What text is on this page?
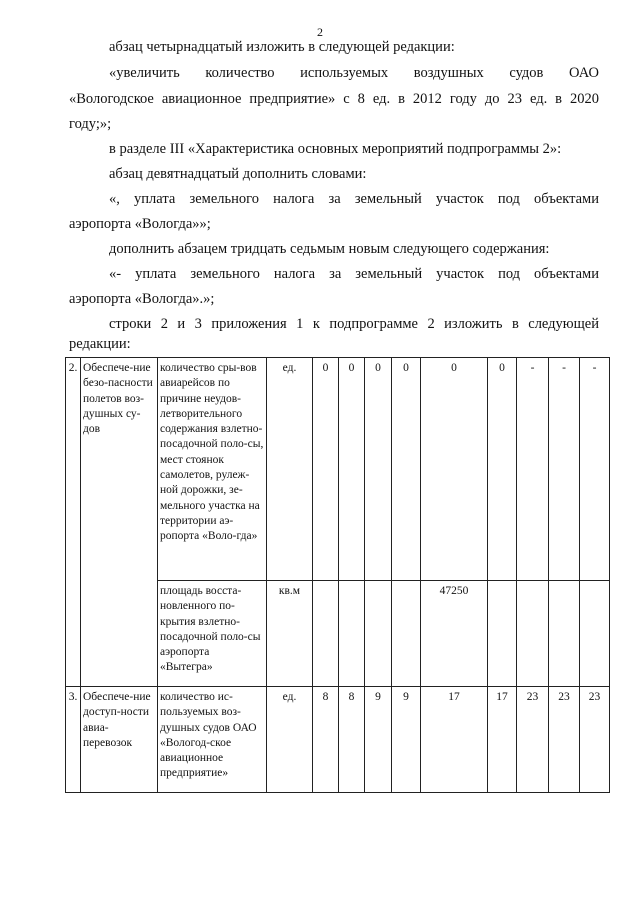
2

абзац четырнадцатый изложить в следующей редакции:

«увеличить количество используемых воздушных судов ОАО

«Вологодское авиационное предприятие» с 8 ед. в 2012 году до 23 ед. в 2020

году;»;

в разделе III «Характеристика основных мероприятий подпрограммы 2»:

абзац девятнадцатый дополнить словами:

«, уплата земельного налога за земельный участок под объектами

аэропорта «Вологда»»;

дополнить абзацем тридцать седьмым новым следующего содержания:

«- уплата земельного налога за земельный участок под объектами

аэропорта «Вологда».»;

строки 2 и 3 приложения 1 к подпрограмме 2 изложить в следующей

редакции:

2.	Обеспече-ние безо-пасности полетов воз-душных су-дов	количество сры-вов авиарейсов по причине неудов-летворительного содержания взлетно-посадочной поло-сы, мест стоянок самолетов, рулеж-ной дорожки, зе-мельного участка на территории аэ-ропорта «Воло-гда»	ед.	0	0	0	0	0	0	-	-	-
		площадь восста-новленного по-крытия взлетно-посадочной поло-сы аэропорта «Вытегра»	кв.м					47250				
3.	Обеспече-ние доступ-ности авиа-перевозок	количество ис-пользуемых воз-душных судов ОАО «Вологод-ское авиационное предприятие»	ед.	8	8	9	9	17	17	23	23	23
